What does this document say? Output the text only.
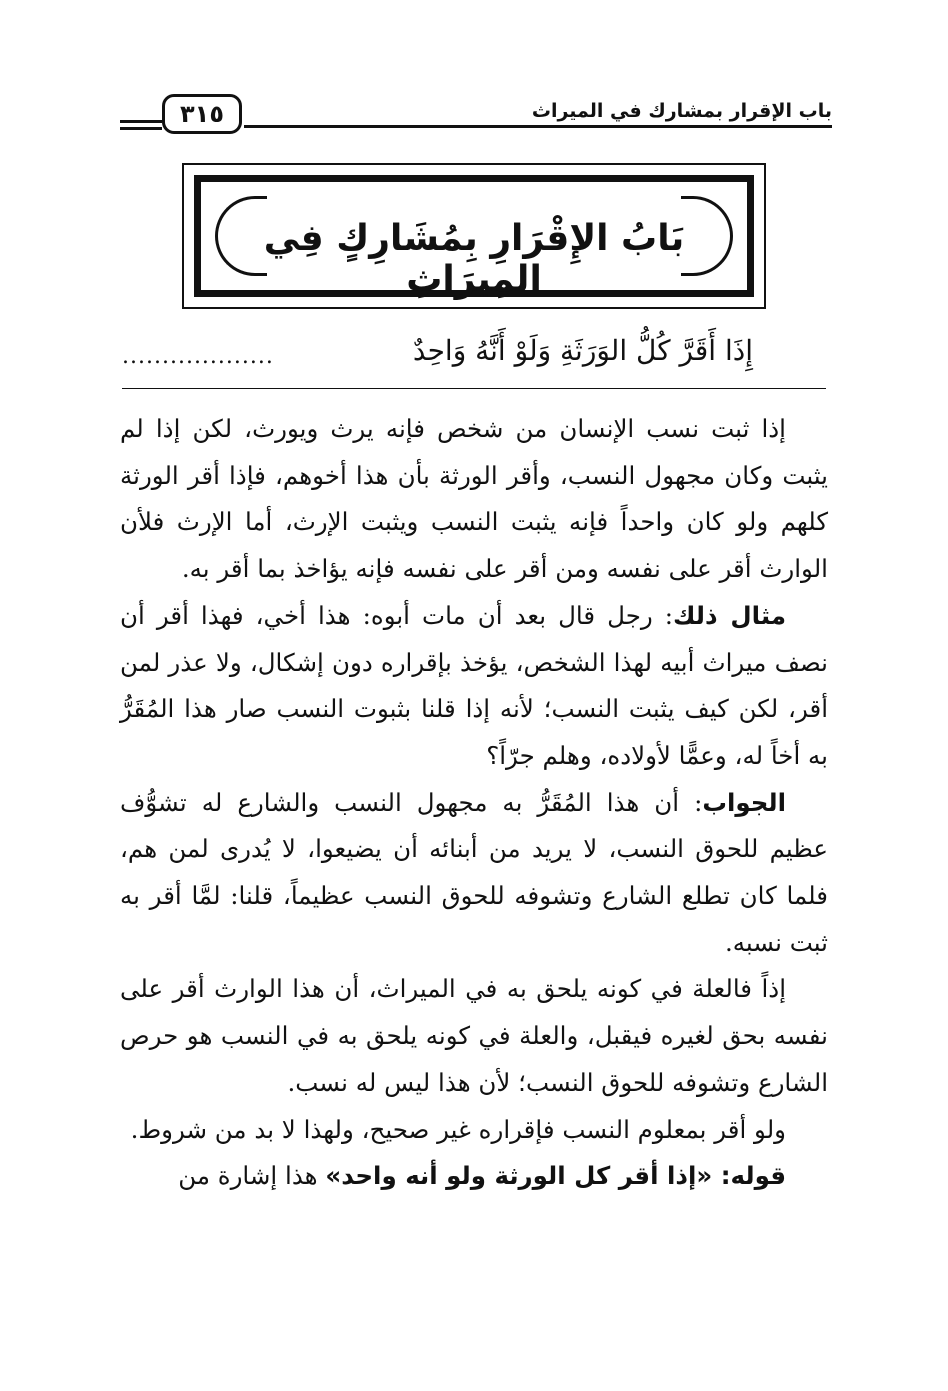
باب الإقرار بمشارك في الميراث
٣١٥
بَابُ الإِقْرَارِ بِمُشَارِكٍ فِي المِيرَاثِ
إِذَا أَقَرَّ كُلُّ الوَرَثَةِ وَلَوْ أَنَّهُ وَاحِدٌ
...................

إذا ثبت نسب الإنسان من شخص فإنه يرث ويورث، لكن إذا لم يثبت وكان مجهول النسب، وأقر الورثة بأن هذا أخوهم، فإذا أقر الورثة كلهم ولو كان واحداً فإنه يثبت النسب ويثبت الإرث، أما الإرث فلأن الوارث أقر على نفسه ومن أقر على نفسه فإنه يؤاخذ بما أقر به.

مثال ذلك: رجل قال بعد أن مات أبوه: هذا أخي، فهذا أقر أن نصف ميراث أبيه لهذا الشخص، يؤخذ بإقراره دون إشكال، ولا عذر لمن أقر، لكن كيف يثبت النسب؛ لأنه إذا قلنا بثبوت النسب صار هذا المُقَرُّ به أخاً له، وعمًّا لأولاده، وهلم جرّاً؟

الجواب: أن هذا المُقَرُّ به مجهول النسب والشارع له تشوُّف عظيم للحوق النسب، لا يريد من أبنائه أن يضيعوا، لا يُدرى لمن هم، فلما كان تطلع الشارع وتشوفه للحوق النسب عظيماً، قلنا: لمَّا أقر به ثبت نسبه.

إذاً فالعلة في كونه يلحق به في الميراث، أن هذا الوارث أقر على نفسه بحق لغيره فيقبل، والعلة في كونه يلحق به في النسب هو حرص الشارع وتشوفه للحوق النسب؛ لأن هذا ليس له نسب.

ولو أقر بمعلوم النسب فإقراره غير صحيح، ولهذا لا بد من شروط.

قوله: «إذا أقر كل الورثة ولو أنه واحد» هذا إشارة من
